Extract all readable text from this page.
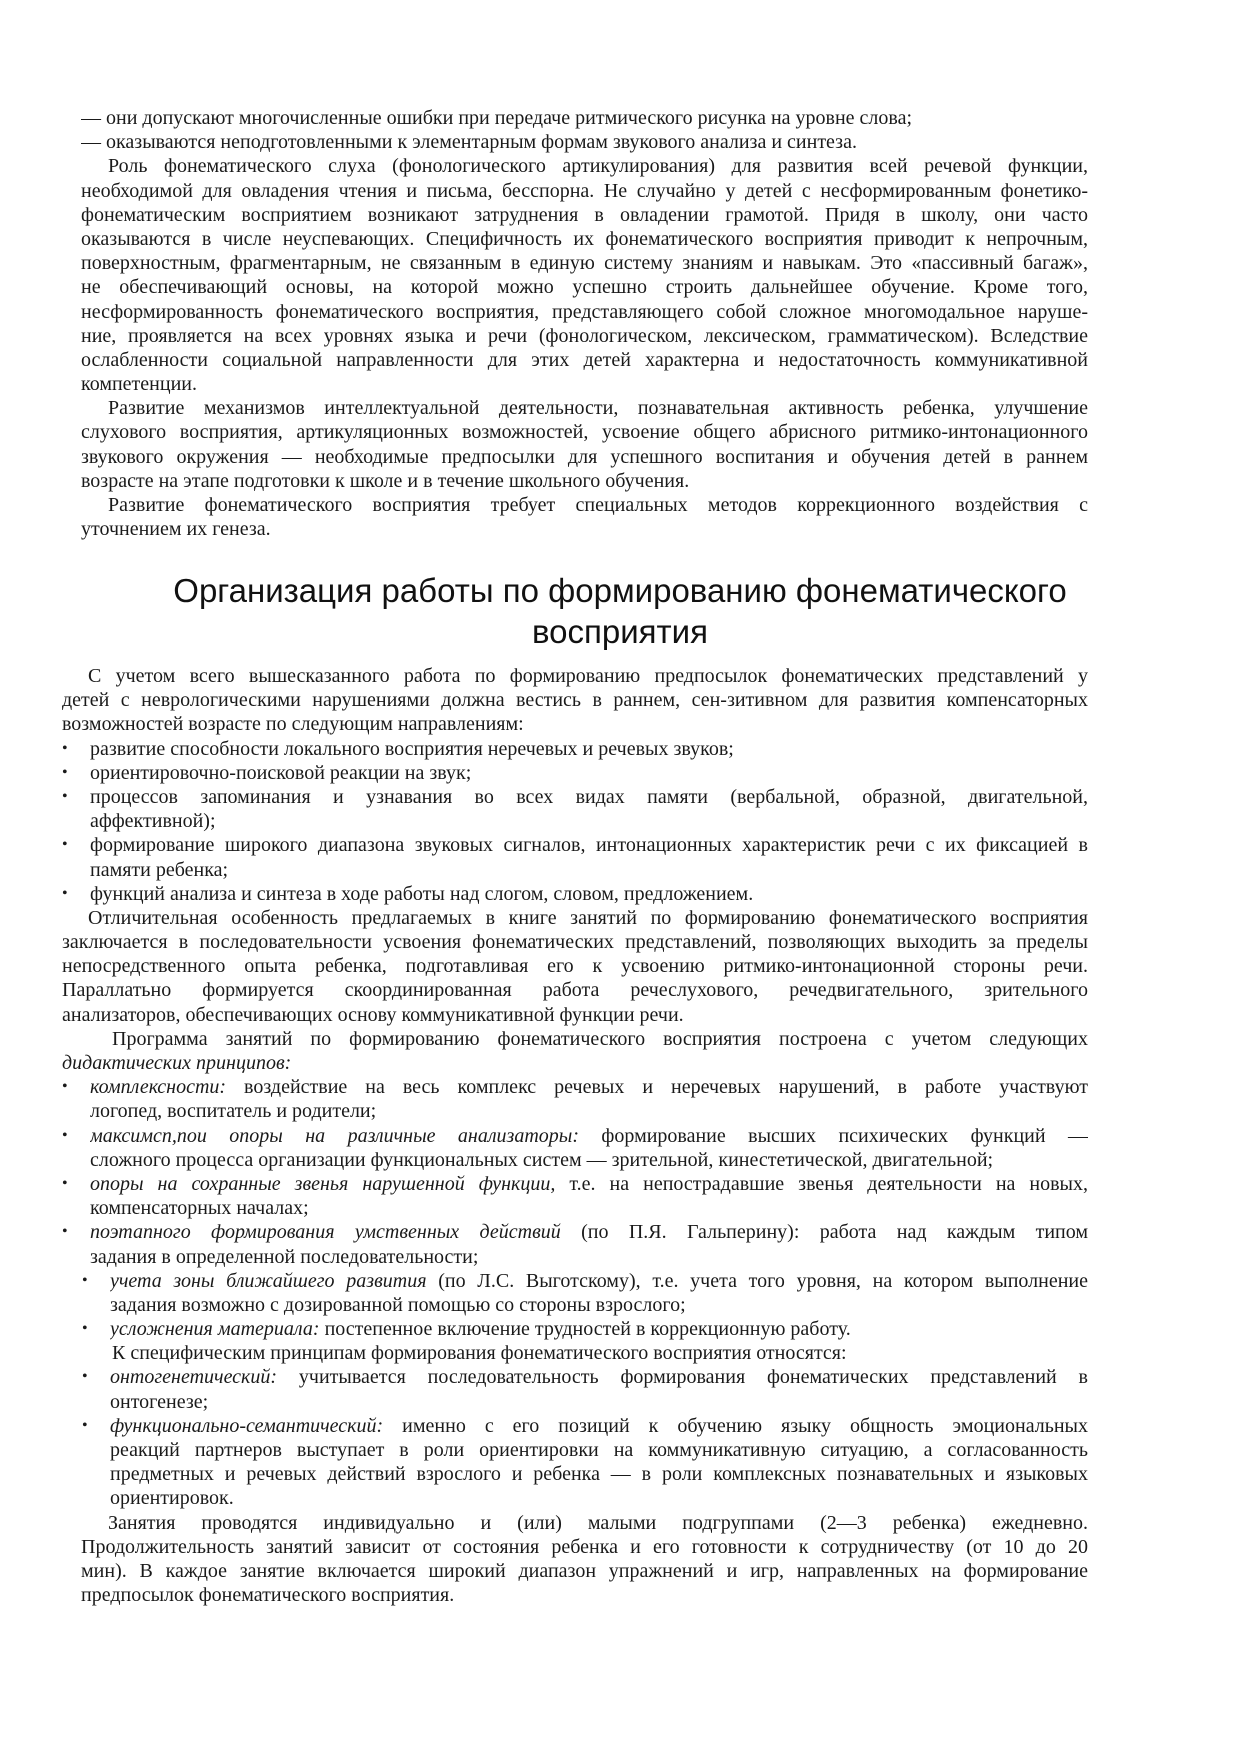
— они допускают многочисленные ошибки при передаче ритмического рисунка на уровне слова;
— оказываются неподготовленными к элементарным формам звукового анализа и синтеза.
Роль фонематического слуха (фонологического артикулирования) для развития всей речевой функции,
необходимой для овладения чтения и письма, бесспорна. Не случайно у детей с несформированным фонетико-
фонематическим восприятием возникают затруднения в овладении грамотой. Придя в школу, они часто
оказываются в числе неуспевающих. Специфичность их фонематического восприятия приводит к непрочным,
поверхностным, фрагментарным, не связанным в единую систему знаниям и навыкам. Это «пассивный багаж»,
не обеспечивающий основы, на которой можно успешно строить дальнейшее обучение. Кроме того,
несформированность фонематического восприятия, представляющего собой сложное многомодальное наруше-
ние, проявляется на всех уровнях языка и речи (фонологическом, лексическом, грамматическом). Вследствие
ослабленности социальной направленности для этих детей характерна и недостаточность коммуникативной
компетенции.
Развитие механизмов интеллектуальной деятельности, познавательная активность ребенка, улучшение
слухового восприятия, артикуляционных возможностей, усвоение общего абрисного ритмико-интонационного
звукового окружения — необходимые предпосылки для успешного воспитания и обучения детей в раннем
возрасте на этапе подготовки к школе и в течение школьного обучения.
Развитие фонематического восприятия требует специальных методов коррекционного воздействия с
уточнением их генеза.
Организация работы по формированию фонематического
восприятия
С учетом всего вышесказанного работа по формированию предпосылок фонематических представлений у
детей с неврологическими нарушениями должна вестись в раннем, сен-зитивном для развития компенсаторных
возможностей возрасте по следующим направлениям:
• развитие способности локального восприятия неречевых и речевых звуков;
• ориентировочно-поисковой реакции на звук;
• процессов запоминания и узнавания во всех видах памяти (вербальной, образной, двигательной,
аффективной);
• формирование широкого диапазона звуковых сигналов, интонационных характеристик речи с их фиксацией в
памяти ребенка;
• функций анализа и синтеза в ходе работы над слогом, словом, предложением.
Отличительная особенность предлагаемых в книге занятий по формированию фонематического восприятия
заключается в последовательности усвоения фонематических представлений, позволяющих выходить за пределы
непосредственного опыта ребенка, подготавливая его к усвоению ритмико-интонационной стороны речи.
Параллатьно формируется скоординированная работа речеслухового, речедвигательного, зрительного
анализаторов, обеспечивающих основу коммуникативной функции речи.
Программа занятий по формированию фонематического восприятия построена с учетом следующих
дидактических принципов:
• комплексности: воздействие на весь комплекс речевых и неречевых нарушений, в работе участвуют
логопед, воспитатель и родители;
• максимсп,пои опоры на различные анализаторы: формирование высших психических функций —
сложного процесса организации функциональных систем — зрительной, кинестетической, двигательной;
• опоры на сохранные звенья нарушенной функции, т.е. на непострадавшие звенья деятельности на новых,
компенсаторных началах;
• поэтапного формирования умственных действий (по П.Я. Гальперину): работа над каждым типом
задания в определенной последовательности;
• учета зоны ближайшего развития (по Л.С. Выготскому), т.е. учета того уровня, на котором выполнение
задания возможно с дозированной помощью со стороны взрослого;
• усложнения материала: постепенное включение трудностей в коррекционную работу.
К специфическим принципам формирования фонематического восприятия относятся:
• онтогенетический: учитывается последовательность формирования фонематических представлений в
онтогенезе;
• функционально-семантический: именно с его позиций к обучению языку общность эмоциональных
реакций партнеров выступает в роли ориентировки на коммуникативную ситуацию, а согласованность
предметных и речевых действий взрослого и ребенка — в роли комплексных познавательных и языковых
ориентировок.
Занятия проводятся индивидуально и (или) малыми подгруппами (2—3 ребенка) ежедневно.
Продолжительность занятий зависит от состояния ребенка и его готовности к сотрудничеству (от 10 до 20
мин). В каждое занятие включается широкий диапазон упражнений и игр, направленных на формирование
предпосылок фонематического восприятия.
